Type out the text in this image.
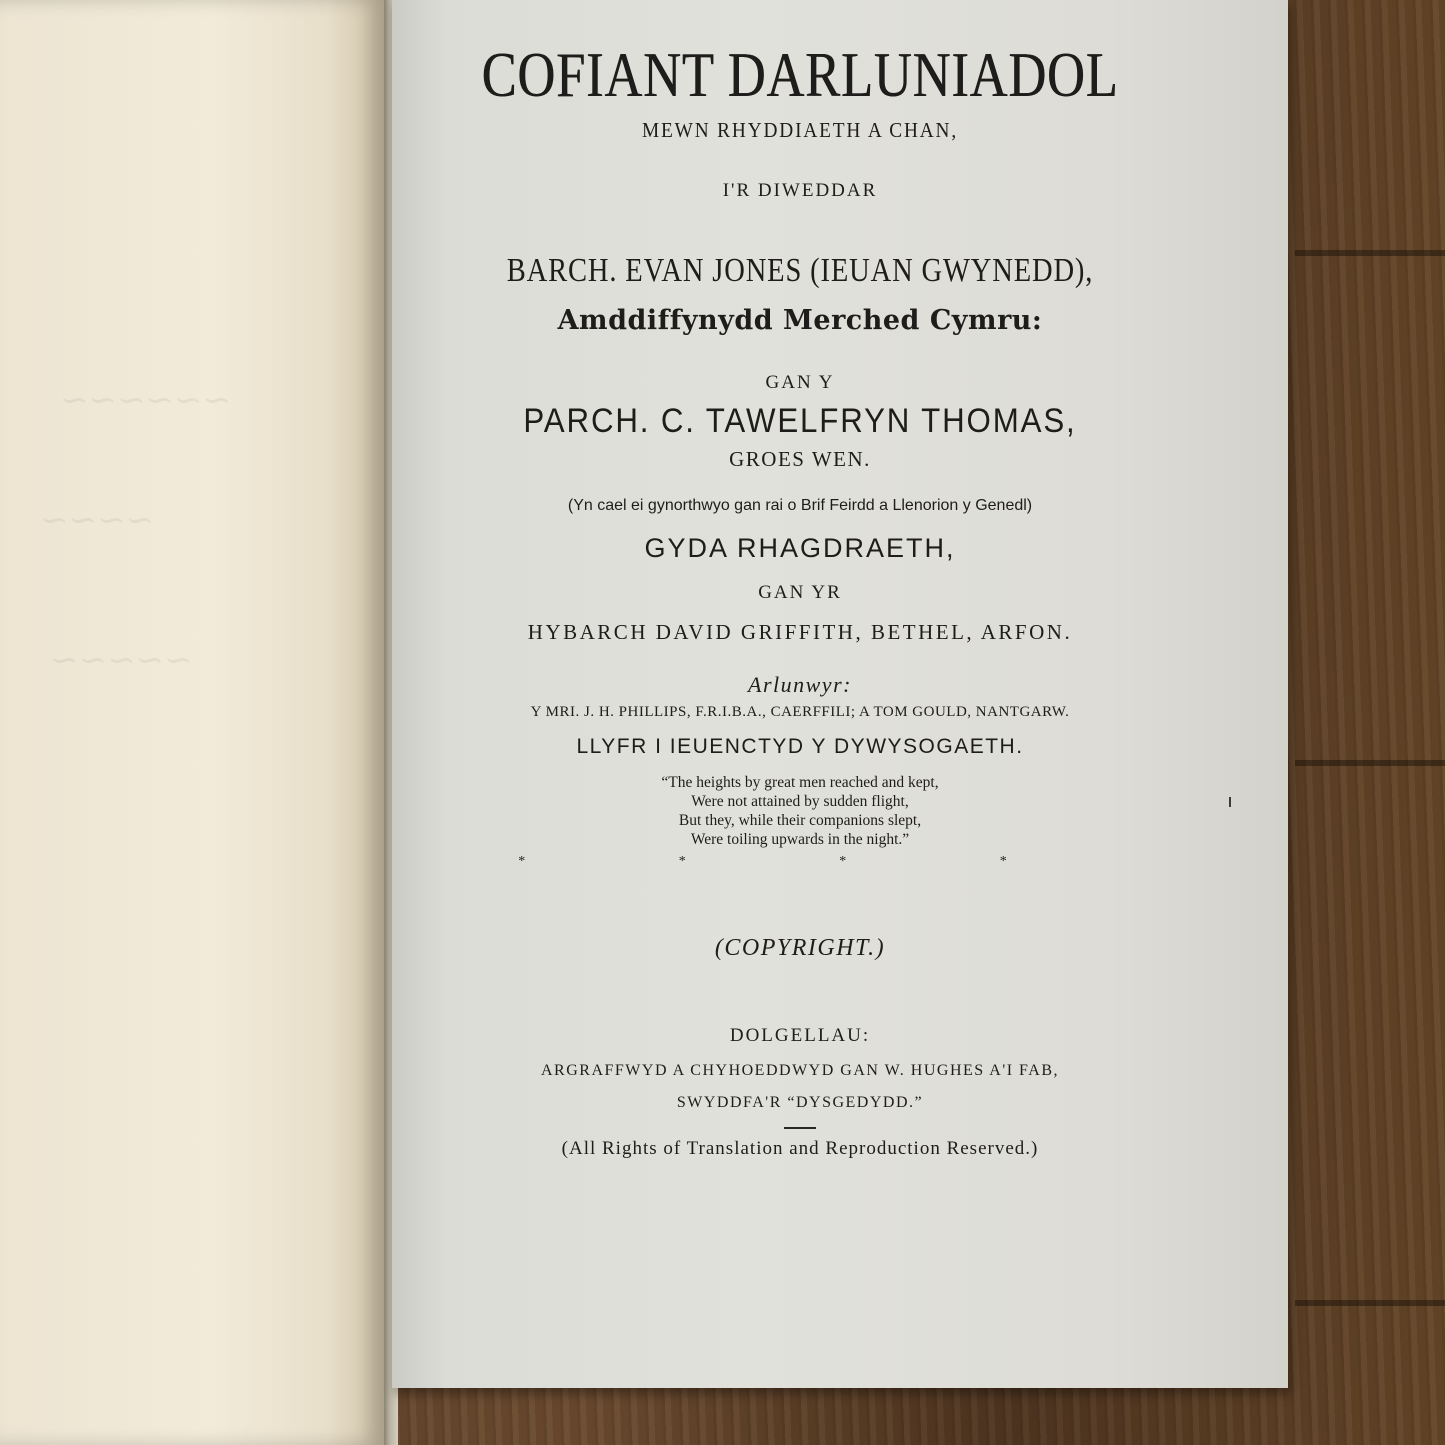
~~~~~~
~~~~
~~~~~
COFIANT DARLUNIADOL
MEWN RHYDDIAETH A CHAN,
I'R DIWEDDAR
BARCH. EVAN JONES (IEUAN GWYNEDD),
Amddiffynydd Merched Cymru:
GAN Y
PARCH. C. TAWELFRYN THOMAS,
GROES WEN.
(Yn cael ei gynorthwyo gan rai o Brif Feirdd a Llenorion y Genedl)
GYDA RHAGDRAETH,
GAN YR
HYBARCH DAVID GRIFFITH, BETHEL, ARFON.
Arlunwyr:
Y MRI. J. H. PHILLIPS, F.R.I.B.A., CAERFFILI; A TOM GOULD, NANTGARW.
LLYFR I IEUENCTYD Y DYWYSOGAETH.
“The heights by great men reached and kept,
Were not attained by sudden flight,
But they, while their companions slept,
Were toiling upwards in the night.”
* * * *
(COPYRIGHT.)
DOLGELLAU:
ARGRAFFWYD A CHYHOEDDWYD GAN W. HUGHES A'I FAB,
SWYDDFA'R “DYSGEDYDD.”
(All Rights of Translation and Reproduction Reserved.)
